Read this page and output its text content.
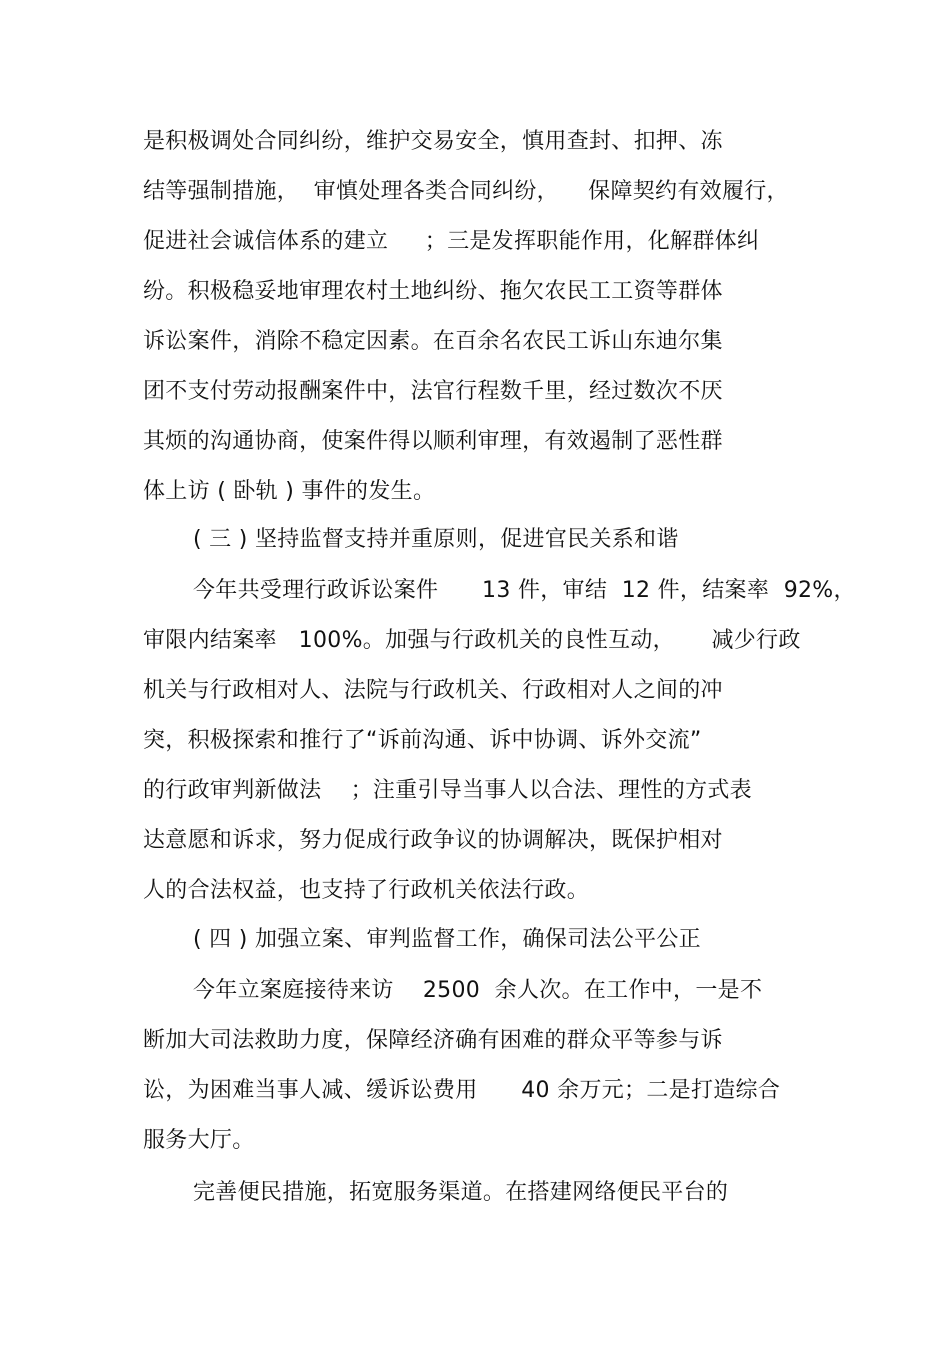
是积极调处合同纠纷，维护交易安全，慎用查封、扣押、冻

结等强制措施，  审慎处理各类合同纠纷，    保障契约有效履行，

促进社会诚信体系的建立     ；三是发挥职能作用，化解群体纠

纷。积极稳妥地审理农村土地纠纷、拖欠农民工工资等群体

诉讼案件，消除不稳定因素。在百余名农民工诉山东迪尔集

团不支付劳动报酬案件中，法官行程数千里，经过数次不厌

其烦的沟通协商，使案件得以顺利审理，有效遏制了恶性群

体上访 ( 卧轨 ) 事件的发生。

( 三 ) 坚持监督支持并重原则，促进官民关系和谐

今年共受理行政诉讼案件      13 件，审结  12 件，结案率  92%，

审限内结案率   100%。加强与行政机关的良性互动，     减少行政

机关与行政相对人、法院与行政机关、行政相对人之间的冲

突，积极探索和推行了“诉前沟通、诉中协调、诉外交流”

的行政审判新做法    ；注重引导当事人以合法、理性的方式表

达意愿和诉求，努力促成行政争议的协调解决，既保护相对

人的合法权益，也支持了行政机关依法行政。

( 四 ) 加强立案、审判监督工作，确保司法公平公正

今年立案庭接待来访    2500  余人次。在工作中，一是不

断加大司法救助力度，保障经济确有困难的群众平等参与诉

讼，为困难当事人减、缓诉讼费用      40 余万元；二是打造综合

服务大厅。

完善便民措施，拓宽服务渠道。在搭建网络便民平台的
